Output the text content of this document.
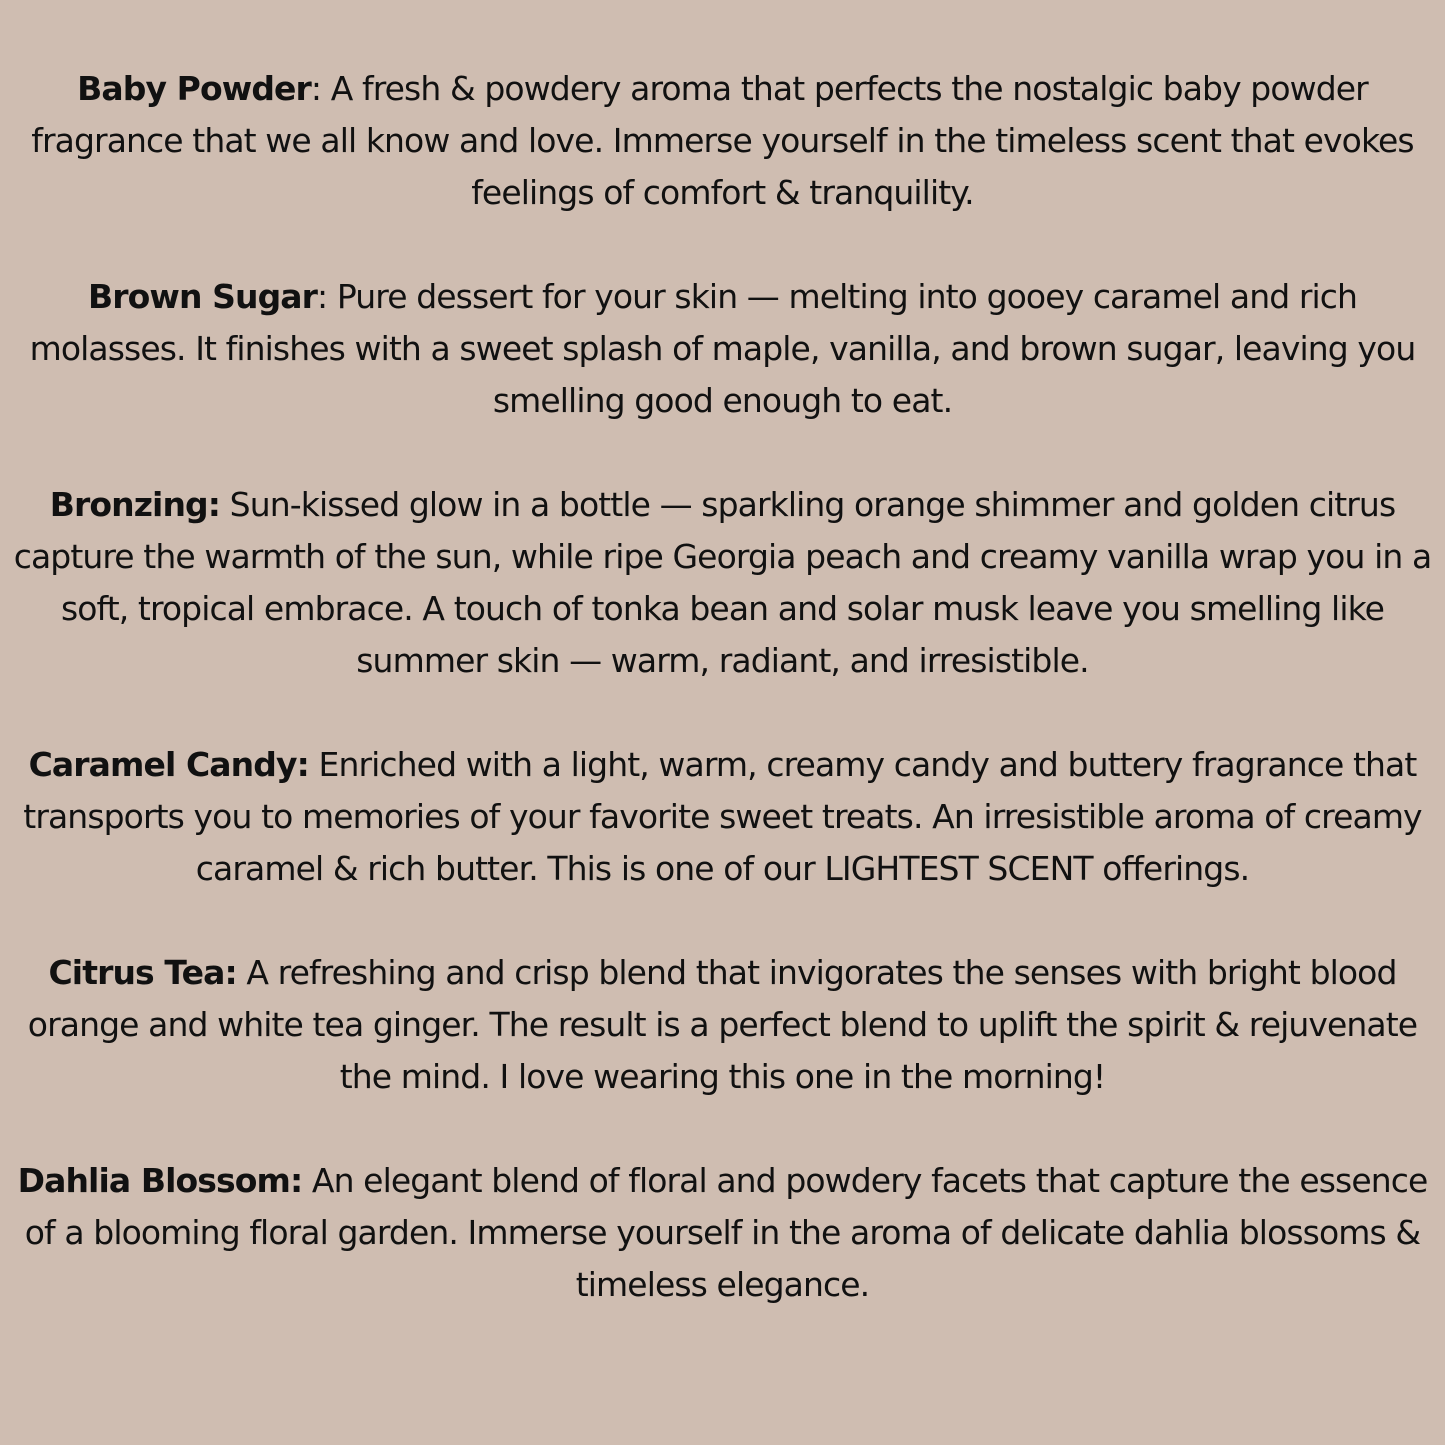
Baby Powder: A fresh & powdery aroma that perfects the nostalgic baby powder fragrance that we all know and love. Immerse yourself in the timeless scent that evokes feelings of comfort & tranquility.

Brown Sugar: Pure dessert for your skin — melting into gooey caramel and rich molasses. It finishes with a sweet splash of maple, vanilla, and brown sugar, leaving you smelling good enough to eat.

Bronzing: Sun-kissed glow in a bottle — sparkling orange shimmer and golden citrus capture the warmth of the sun, while ripe Georgia peach and creamy vanilla wrap you in a soft, tropical embrace. A touch of tonka bean and solar musk leave you smelling like summer skin — warm, radiant, and irresistible.

Caramel Candy: Enriched with a light, warm, creamy candy and buttery fragrance that transports you to memories of your favorite sweet treats. An irresistible aroma of creamy caramel & rich butter. This is one of our LIGHTEST SCENT offerings.

Citrus Tea: A refreshing and crisp blend that invigorates the senses with bright blood orange and white tea ginger. The result is a perfect blend to uplift the spirit & rejuvenate the mind. I love wearing this one in the morning!

Dahlia Blossom: An elegant blend of floral and powdery facets that capture the essence of a blooming floral garden. Immerse yourself in the aroma of delicate dahlia blossoms & timeless elegance.
